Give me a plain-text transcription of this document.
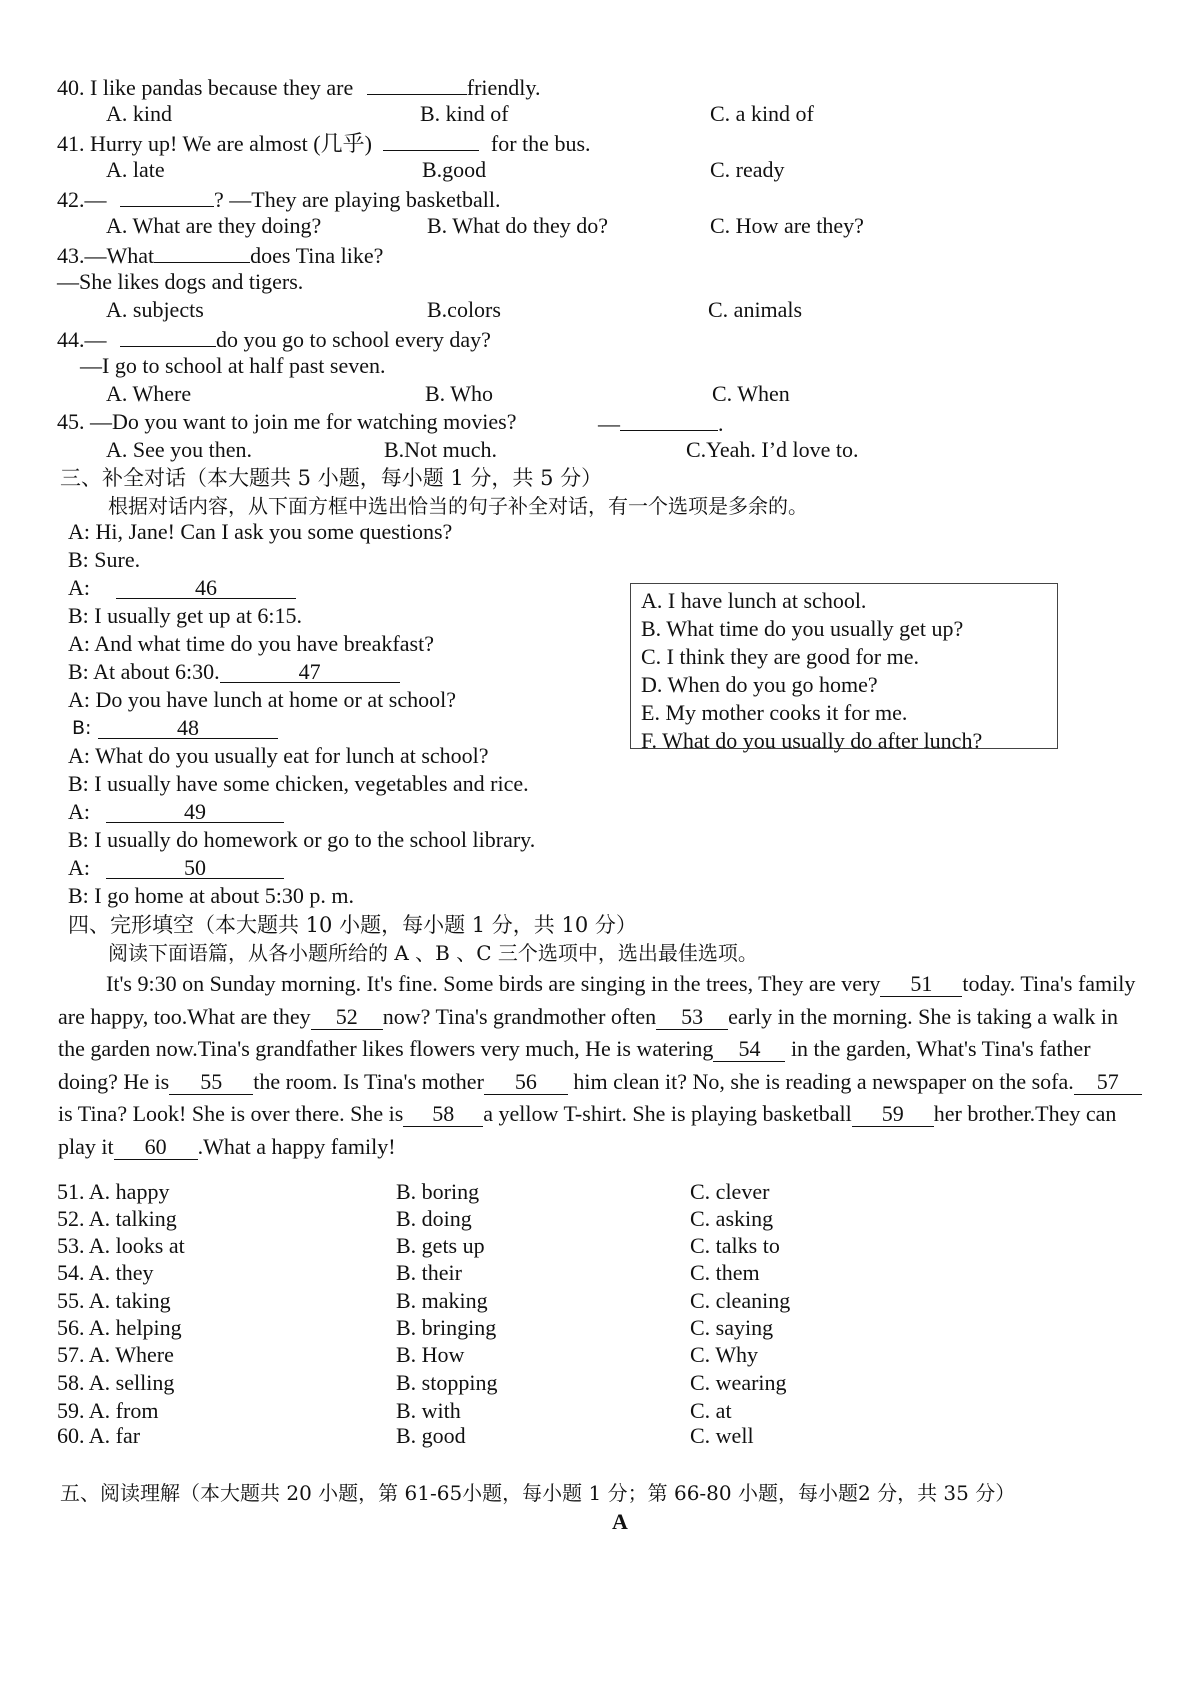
40. I like pandas because they are	friendly.
A. kind	B. kind of	C. a kind of
41. Hurry up! We are almost (几乎)	for the bus.
A. late	B.good	C. ready
42.—	? —They are playing basketball.
A. What are they doing?	B. What do they do?	C. How are they?
43.—What	does Tina like?
—She likes dogs and tigers.
A. subjects	B.colors	C. animals
44.—	do you go to school every day?
—I go to school at half past seven.
A. Where	B. Who	C. When
45. —Do you want to join me for watching movies?	—	.
A. See you then.	B.Not much.	C.Yeah. I’d love to.
三、补全对话（本大题共 5 小题，每小题 1 分，共 5 分）
根据对话内容，从下面方框中选出恰当的句子补全对话，有一个选项是多余的。
A: Hi, Jane! Can I ask you some questions?
B: Sure.
A:	46
B: I usually get up at 6:15.
A: And what time do you have breakfast?
B: At about 6:30.	47
A: Do you have lunch at home or at school?
B:	48
A: What do you usually eat for lunch at school?
B: I usually have some chicken, vegetables and rice.
A:	49
B: I usually do homework or go to the school library.
A:	50
B: I go home at about 5:30 p. m.
A. I have lunch at school.
B. What time do you usually get up?
C. I think they are good for me.
D. When do you go home?
E. My mother cooks it for me.
F. What do you usually do after lunch?
四、完形填空（本大题共 10 小题，每小题 1 分，共 10 分）
阅读下面语篇，从各小题所给的 A 、B 、C 三个选项中，选出最佳选项。
It's 9:30 on Sunday morning. It's fine. Some birds are singing in the trees, They are very 51 today. Tina's family are happy, too.What are they 52 now? Tina's grandmother often 53 early in the morning. She is taking a walk in the garden now.Tina's grandfather likes flowers very much, He is watering 54 in the garden, What's Tina's father doing? He is 55 the room. Is Tina's mother 56 him clean it? No, she is reading a newspaper on the sofa. 57is Tina? Look! She is over there. She is 58 a yellow T-shirt. She is playing basketball 59 her brother.They can play it 60 .What a happy family!
51. A. happy	B. boring	C. clever
52. A. talking	B. doing	C. asking
53. A. looks at	B. gets up	C. talks to
54. A. they	B. their	C. them
55. A. taking	B. making	C. cleaning
56. A. helping	B. bringing	C. saying
57. A. Where	B. How	C. Why
58. A. selling	B. stopping	C. wearing
59. A. from	B. with	C. at
60. A. far	B. good	C. well
五、阅读理解（本大题共 20 小题，第 61-65小题，每小题 1 分；第 66-80 小题，每小题2 分，共 35 分）
A
